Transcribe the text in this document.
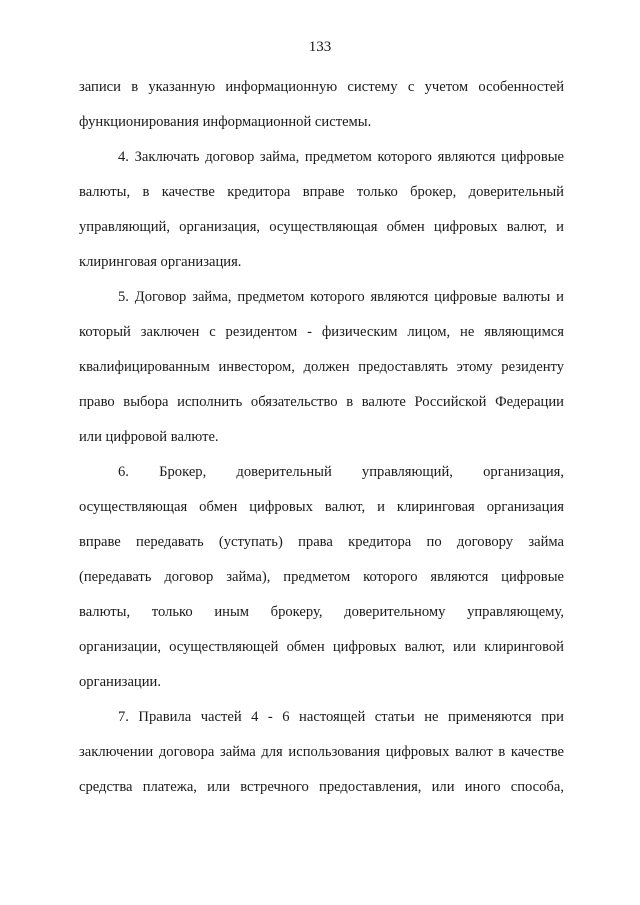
133
записи в указанную информационную систему с учетом особенностей
функционирования информационной системы.
4. Заключать договор займа, предметом которого являются цифровые
валюты, в качестве кредитора вправе только брокер, доверительный
управляющий, организация, осуществляющая обмен цифровых валют, и
клиринговая организация.
5. Договор займа, предметом которого являются цифровые валюты и
который заключен с резидентом - физическим лицом, не являющимся
квалифицированным инвестором, должен предоставлять этому резиденту
право выбора исполнить обязательство в валюте Российской Федерации
или цифровой валюте.
6. Брокер, доверительный управляющий, организация,
осуществляющая обмен цифровых валют, и клиринговая организация
вправе передавать (уступать) права кредитора по договору займа
(передавать договор займа), предметом которого являются цифровые
валюты, только иным брокеру, доверительному управляющему,
организации, осуществляющей обмен цифровых валют, или клиринговой
организации.
7. Правила частей 4 - 6 настоящей статьи не применяются при
заключении договора займа для использования цифровых валют в качестве
средства платежа, или встречного предоставления, или иного способа,
